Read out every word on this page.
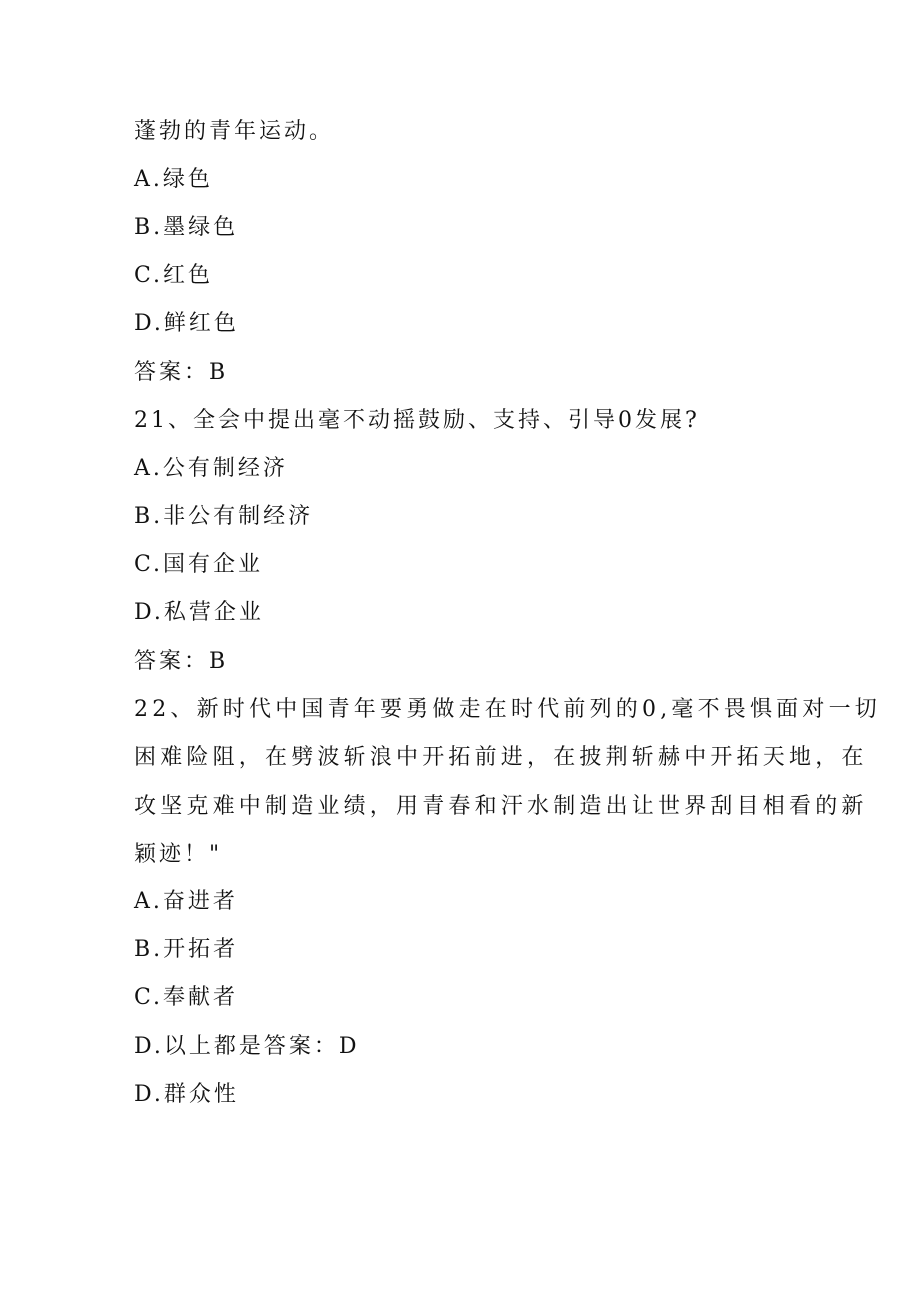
蓬勃的青年运动。
A.绿色
B.墨绿色
C.红色
D.鲜红色
答案：B
21、全会中提出毫不动摇鼓励、支持、引导0发展?
A.公有制经济
B.非公有制经济
C.国有企业
D.私营企业
答案：B
22、新时代中国青年要勇做走在时代前列的0,毫不畏惧面对一切
困难险阻，在劈波斩浪中开拓前进，在披荆斩赫中开拓天地，在
攻坚克难中制造业绩，用青春和汗水制造出让世界刮目相看的新
颖迹！"
A.奋进者
B.开拓者
C.奉献者
D.以上都是答案：D
D.群众性
